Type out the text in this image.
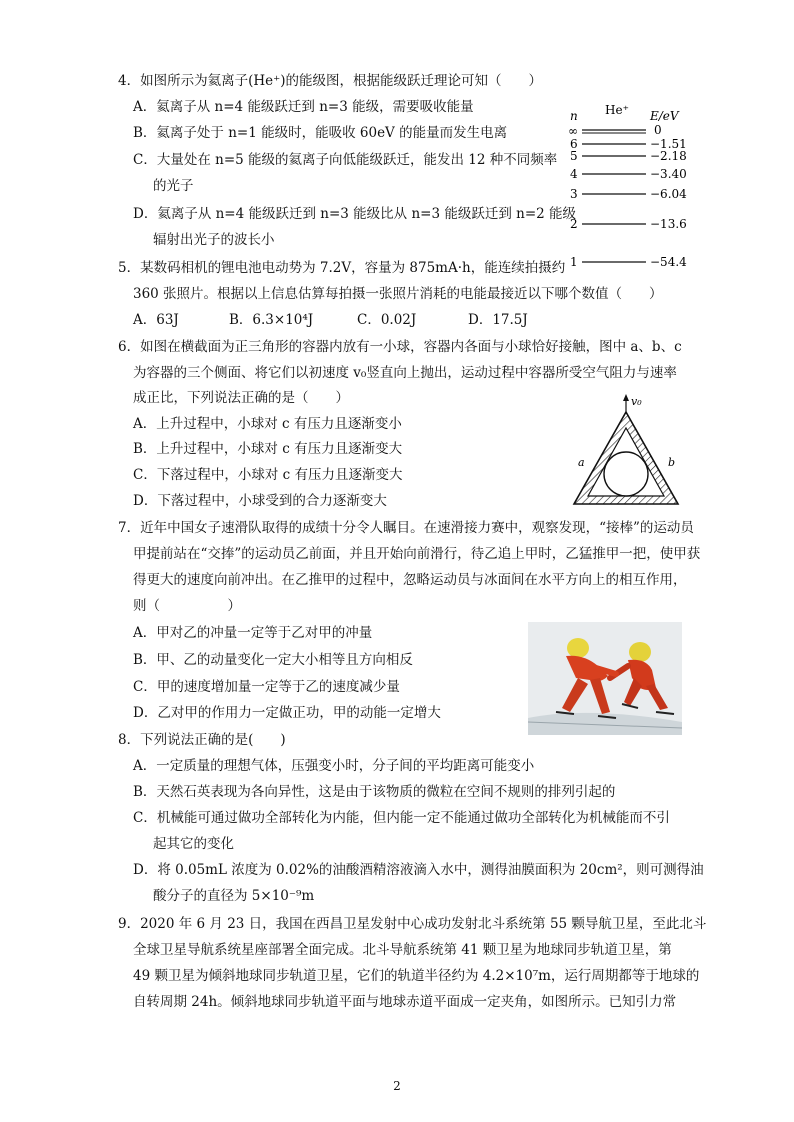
4．如图所示为氦离子(He⁺)的能级图，根据能级跃迁理论可知（　　）
A．氦离子从 n=4 能级跃迁到 n=3 能级，需要吸收能量
B．氦离子处于 n=1 能级时，能吸收 60eV 的能量而发生电离
C．大量处在 n=5 能级的氦离子向低能级跃迁，能发出 12 种不同频率
的光子
D．氦离子从 n=4 能级跃迁到 n=3 能级比从 n=3 能级跃迁到 n=2 能级
辐射出光子的波长小
n He⁺ E/eV
∞	0
6	−1.51
5	−2.18
4	−3.40
3	−6.04
2	−13.6
1	−54.4
5．某数码相机的锂电池电动势为 7.2V，容量为 875mA·h，能连续拍摄约
360 张照片。根据以上信息估算每拍摄一张照片消耗的电能最接近以下哪个数值（　　）
A．63J	B．6.3×10⁴J	C．0.02J	D．17.5J
6．如图在横截面为正三角形的容器内放有一小球，容器内各面与小球恰好接触，图中 a、b、c
为容器的三个侧面、将它们以初速度 v₀竖直向上抛出，运动过程中容器所受空气阻力与速率
成正比，下列说法正确的是（　　）
A．上升过程中，小球对 c 有压力且逐渐变小
B．上升过程中，小球对 c 有压力且逐渐变大
C．下落过程中，小球对 c 有压力且逐渐变大
D．下落过程中，小球受到的合力逐渐变大
v₀
a	b
7．近年中国女子速滑队取得的成绩十分令人瞩目。在速滑接力赛中，观察发现，“接棒”的运动员
甲提前站在“交捧”的运动员乙前面，并且开始向前滑行，待乙追上甲时，乙猛推甲一把，使甲获
得更大的速度向前冲出。在乙推甲的过程中，忽略运动员与冰面间在水平方向上的相互作用，
则（　　　　　）
A．甲对乙的冲量一定等于乙对甲的冲量
B．甲、乙的动量变化一定大小相等且方向相反
C．甲的速度增加量一定等于乙的速度减少量
D．乙对甲的作用力一定做正功，甲的动能一定增大
8．下列说法正确的是(　　)
A．一定质量的理想气体，压强变小时，分子间的平均距离可能变小
B．天然石英表现为各向异性，这是由于该物质的微粒在空间不规则的排列引起的
C．机械能可通过做功全部转化为内能，但内能一定不能通过做功全部转化为机械能而不引
起其它的变化
D．将 0.05mL 浓度为 0.02%的油酸酒精溶液滴入水中，测得油膜面积为 20cm²，则可测得油
酸分子的直径为 5×10⁻⁹m
9．2020 年 6 月 23 日，我国在西昌卫星发射中心成功发射北斗系统第 55 颗导航卫星，至此北斗
全球卫星导航系统星座部署全面完成。北斗导航系统第 41 颗卫星为地球同步轨道卫星，第
49 颗卫星为倾斜地球同步轨道卫星，它们的轨道半径约为 4.2×10⁷m，运行周期都等于地球的
自转周期 24h。倾斜地球同步轨道平面与地球赤道平面成一定夹角，如图所示。已知引力常
2
